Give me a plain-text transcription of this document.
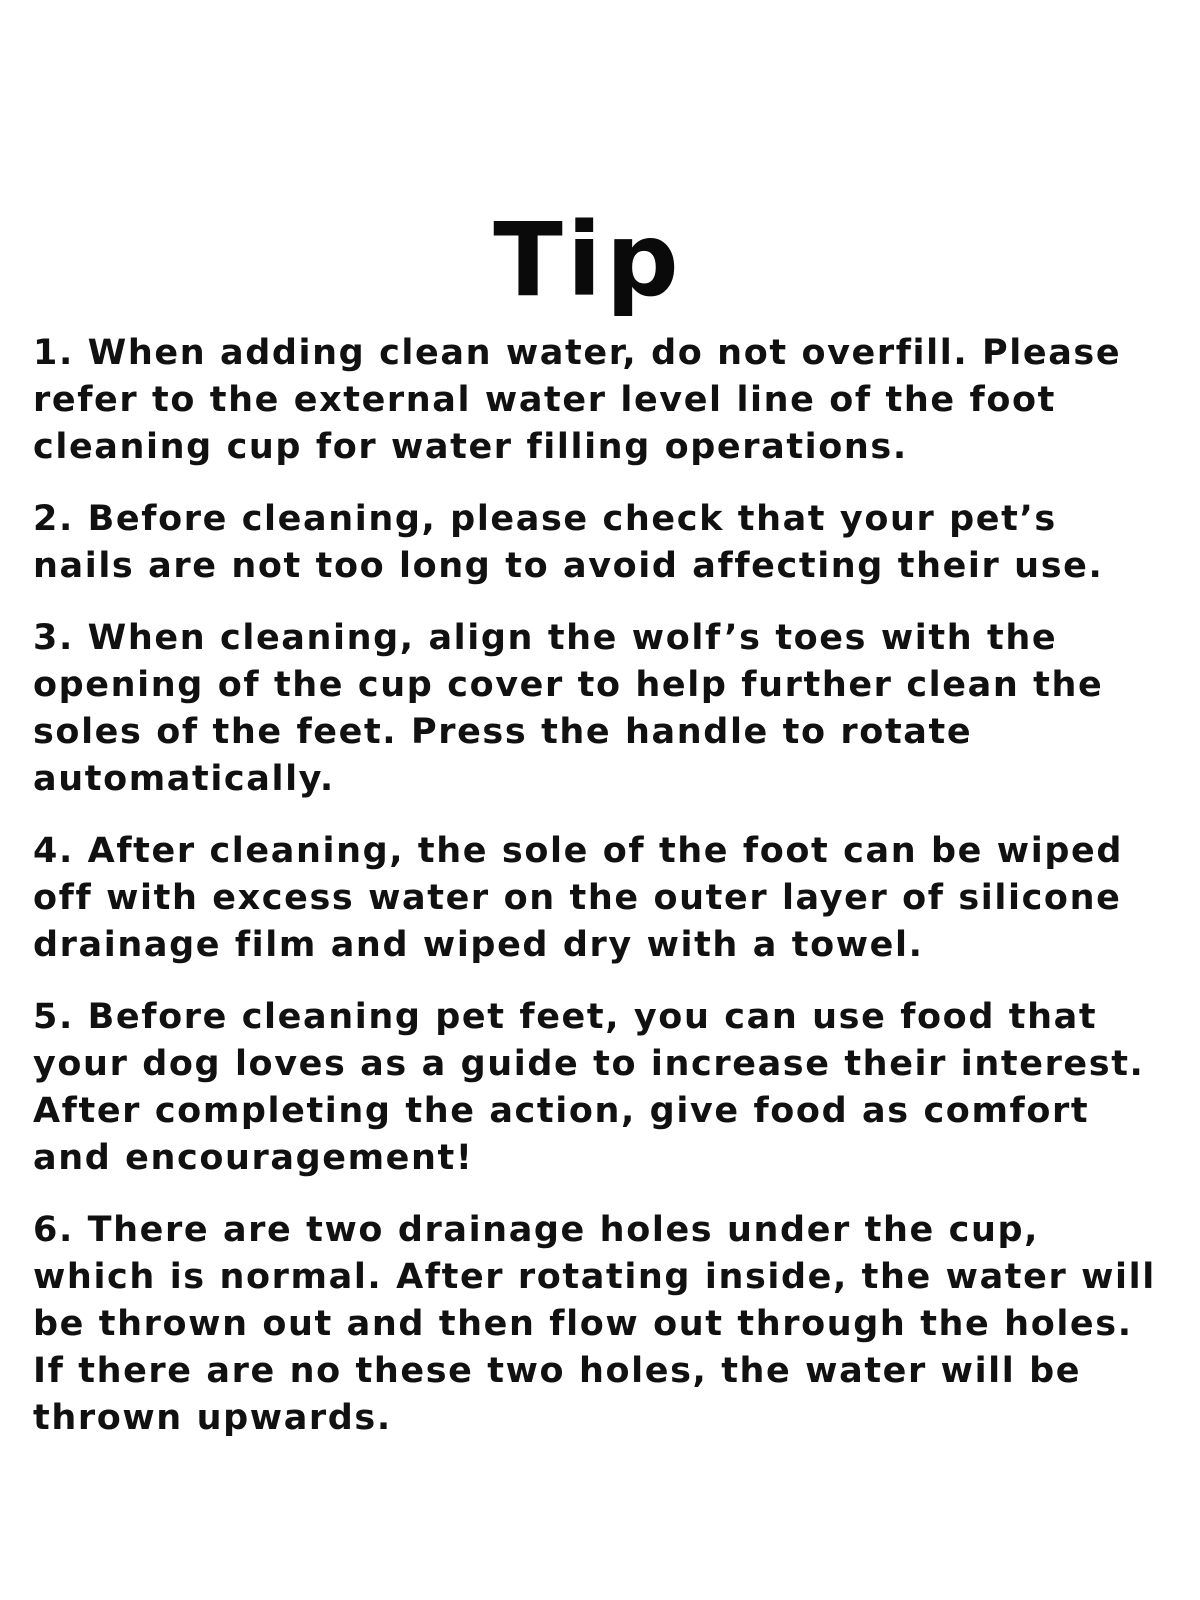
Tip
1. When adding clean water, do not overfill. Please refer to the external water level line of the foot cleaning cup for water filling operations.
2. Before cleaning, please check that your pet’s nails are not too long to avoid affecting their use.
3. When cleaning, align the wolf’s toes with the opening of the cup cover to help further clean the soles of the feet. Press the handle to rotate automatically.
4. After cleaning, the sole of the foot can be wiped off with excess water on the outer layer of silicone drainage film and wiped dry with a towel.
5. Before cleaning pet feet, you can use food that your dog loves as a guide to increase their interest. After completing the action, give food as comfort and encouragement!
6. There are two drainage holes under the cup, which is normal. After rotating inside, the water will be thrown out and then flow out through the holes. If there are no these two holes, the water will be thrown upwards.
